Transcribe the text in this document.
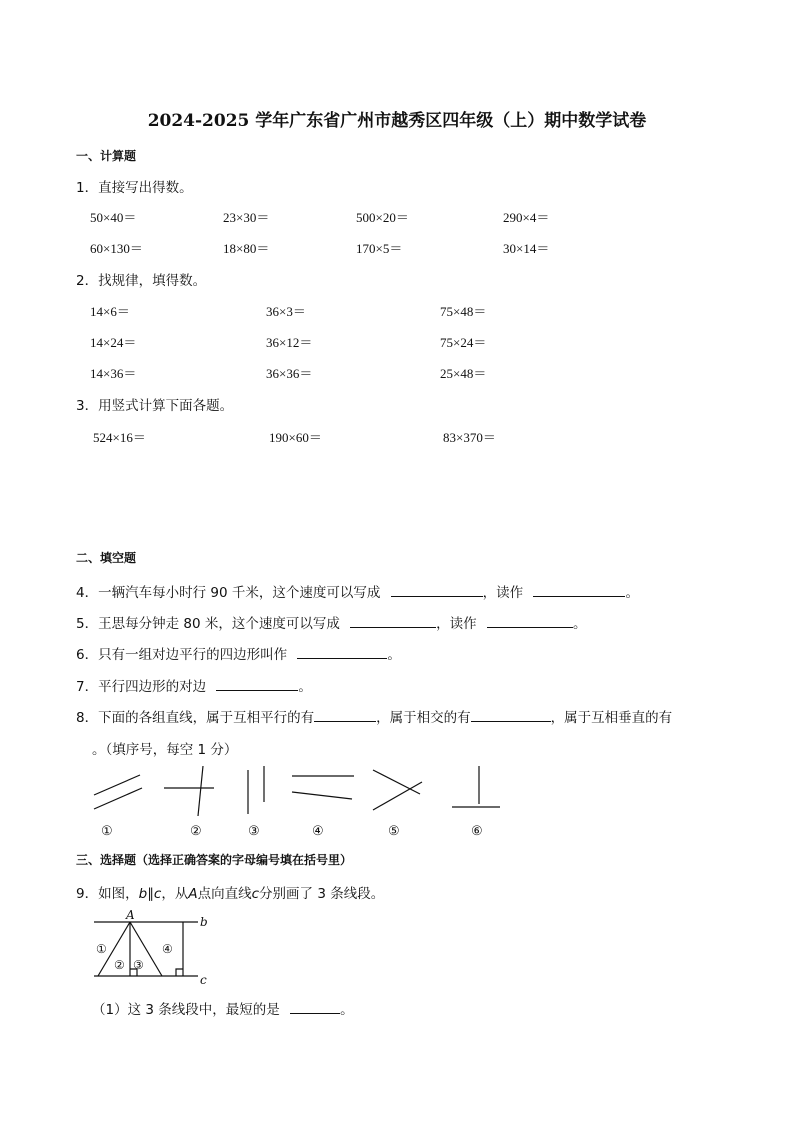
2024-2025 学年广东省广州市越秀区四年级（上）期中数学试卷
一、计算题
1．直接写出得数。
50×40＝	23×30＝	500×20＝	290×4＝
60×130＝	18×80＝	170×5＝	30×14＝
2．找规律，填得数。
14×6＝	36×3＝	75×48＝
14×24＝	36×12＝	75×24＝
14×36＝	36×36＝	25×48＝
3．用竖式计算下面各题。
524×16＝	190×60＝	83×370＝
二、填空题
4．一辆汽车每小时行 90 千米，这个速度可以写成	，读作	。
5．王思每分钟走 80 米，这个速度可以写成	，读作	。
6．只有一组对边平行的四边形叫作	。
7．平行四边形的对边	。
8．下面的各组直线，属于互相平行的有	，属于相交的有	，属于互相垂直的有
。（填序号，每空 1 分）
①	②	③	④	⑤	⑥
三、选择题（选择正确答案的字母编号填在括号里）
9．如图，b∥c，从A点向直线c分别画了 3 条线段。
A	b
c
①
② ③
④
（1）这 3 条线段中，最短的是	。
